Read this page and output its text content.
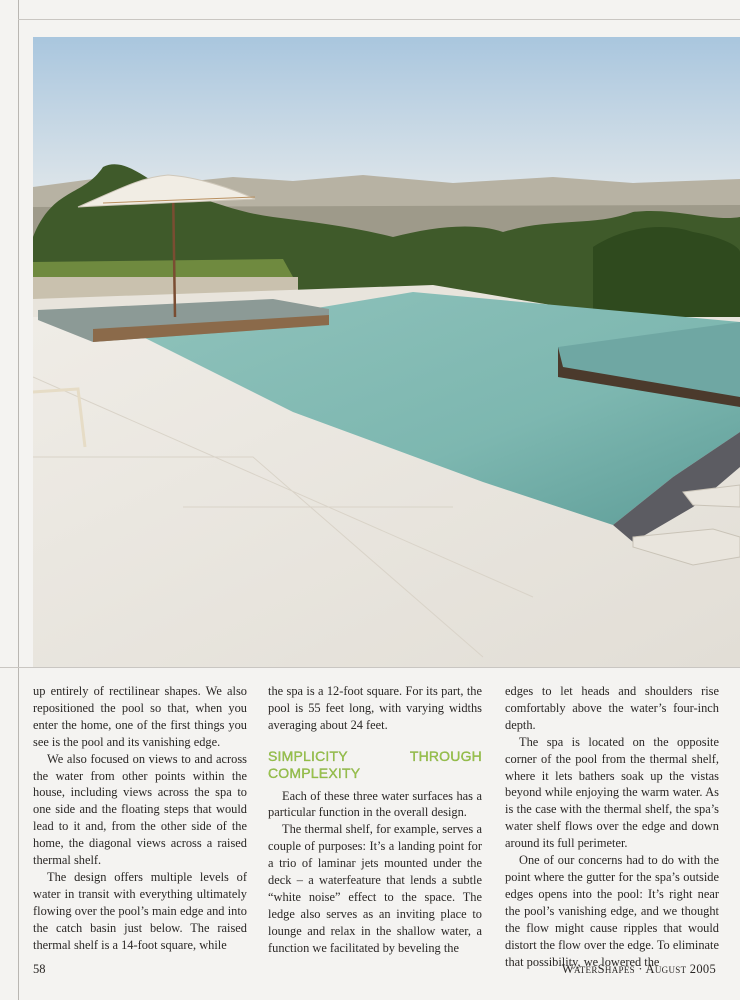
up entirely of rectilinear shapes. We also repositioned the pool so that, when you enter the home, one of the first things you see is the pool and its vanishing edge.

We also focused on views to and across the water from other points within the house, including views across the spa to one side and the floating steps that would lead to it and, from the other side of the home, the diagonal views across a raised thermal shelf.

The design offers multiple levels of water in transit with everything ultimately flowing over the pool’s main edge and into the catch basin just below. The raised thermal shelf is a 14-foot square, while

the spa is a 12-foot square. For its part, the pool is 55 feet long, with varying widths averaging about 24 feet.

SIMPLICITY THROUGH COMPLEXITY

Each of these three water surfaces has a particular function in the overall design.

The thermal shelf, for example, serves a couple of purposes: It’s a landing point for a trio of laminar jets mounted under the deck – a waterfeature that lends a subtle “white noise” effect to the space. The ledge also serves as an inviting place to lounge and relax in the shallow water, a function we facilitated by beveling the

edges to let heads and shoulders rise comfortably above the water’s four-inch depth.

The spa is located on the opposite corner of the pool from the thermal shelf, where it lets bathers soak up the vistas beyond while enjoying the warm water. As is the case with the thermal shelf, the spa’s water shelf flows over the edge and down around its full perimeter.

One of our concerns had to do with the point where the gutter for the spa’s outside edges opens into the pool: It’s right near the pool’s vanishing edge, and we thought the flow might cause ripples that would distort the flow over the edge. To eliminate that possibility, we lowered the

58	WaterShapes · August 2005
